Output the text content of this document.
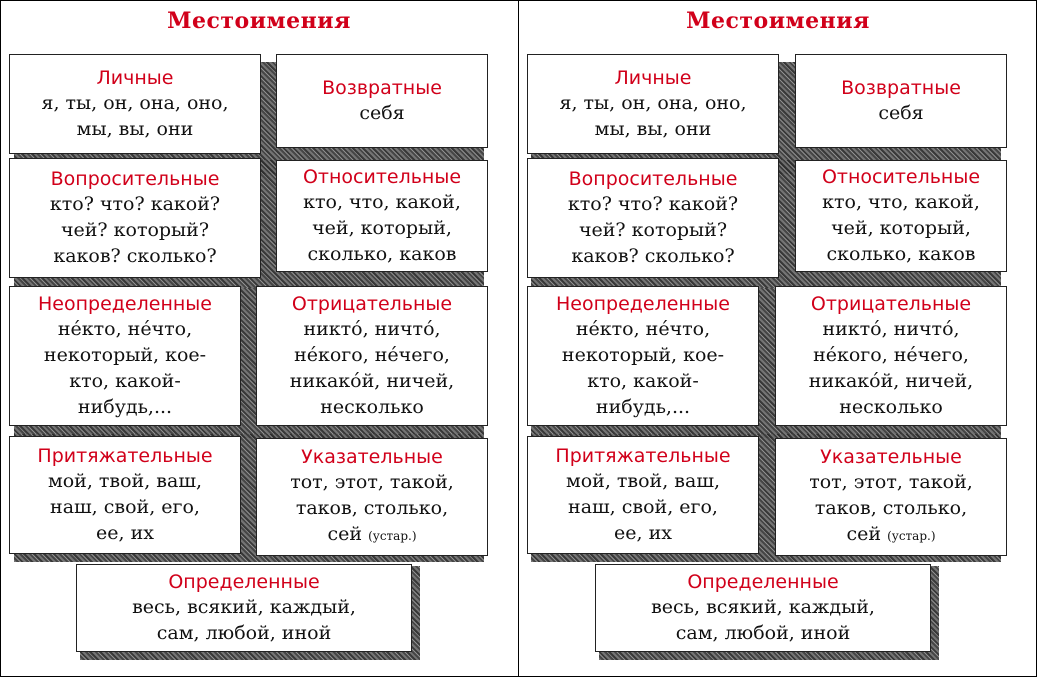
Местоимения
Личные
я, ты, он, она, оно,
мы, вы, они
Возвратные
себя
Вопросительные
кто? что? какой?
чей? который?
каков? сколько?
Относительные
кто, что, какой,
чей, который,
сколько, каков
Неопределенные
не́кто, не́что,
некоторый, кое-
кто, какой-
нибудь,...
Отрицательные
никто́, ничто́,
не́кого, не́чего,
никако́й, ничей,
несколько
Притяжательные
мой, твой, ваш,
наш, свой, его,
ее, их
Указательные
тот, этот, такой,
таков, столько,
сей (устар.)
Определенные
весь, всякий, каждый,
сам, любой, иной
Местоимения
Личные
я, ты, он, она, оно,
мы, вы, они
Возвратные
себя
Вопросительные
кто? что? какой?
чей? который?
каков? сколько?
Относительные
кто, что, какой,
чей, который,
сколько, каков
Неопределенные
не́кто, не́что,
некоторый, кое-
кто, какой-
нибудь,...
Отрицательные
никто́, ничто́,
не́кого, не́чего,
никако́й, ничей,
несколько
Притяжательные
мой, твой, ваш,
наш, свой, его,
ее, их
Указательные
тот, этот, такой,
таков, столько,
сей (устар.)
Определенные
весь, всякий, каждый,
сам, любой, иной
